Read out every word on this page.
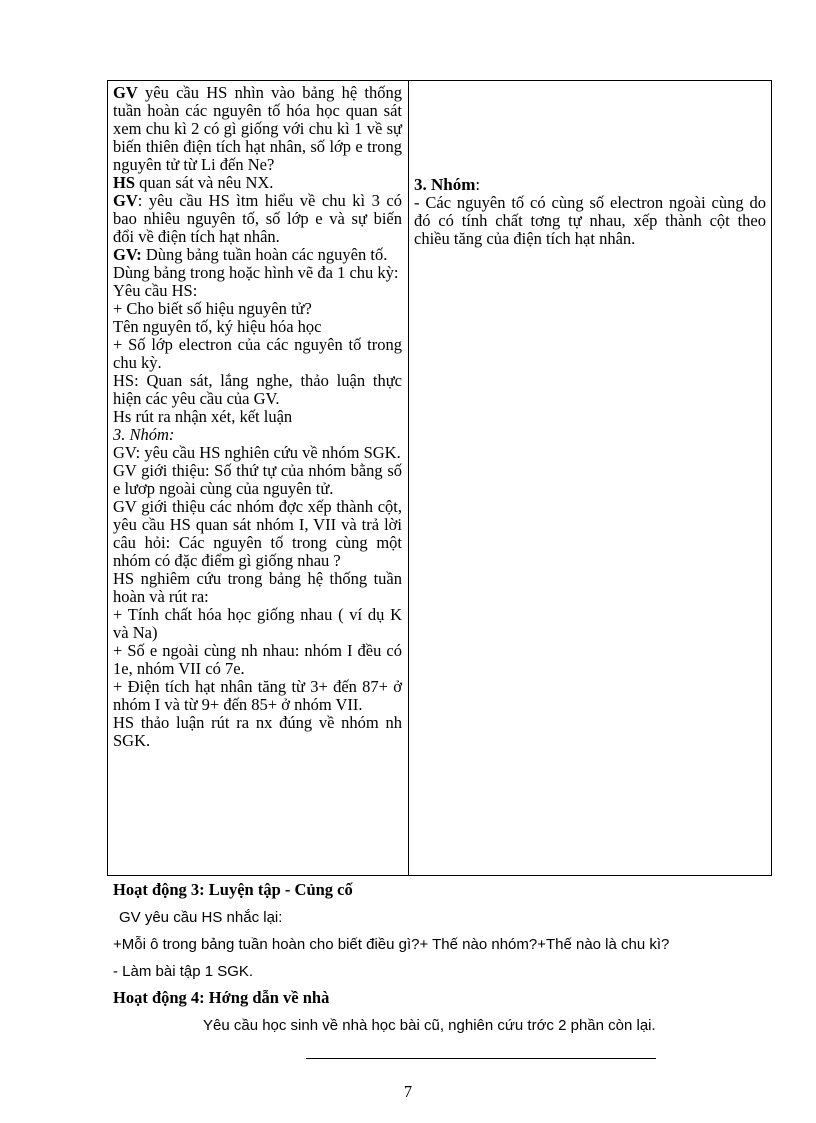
GV yêu cầu HS nhìn vào bảng hệ thống tuần hoàn các nguyên tố hóa học quan sát xem chu kì 2 có gì giống với chu kì 1 về sự biến thiên điện tích hạt nhân, số lớp e trong nguyên tử từ Li đến Ne?

HS quan sát và nêu NX.

GV: yêu cầu HS ìtm hiểu về chu kì 3 có bao nhiêu nguyên tố, số lớp e và sự biến đổi về điện tích hạt nhân.

GV: Dùng bảng tuần hoàn các nguyên tố.

Dùng bảng trong hoặc hình vẽ đa 1 chu kỳ:

Yêu cầu HS:

+ Cho biết số hiệu nguyên tử?

Tên nguyên tố, ký hiệu hóa học

+ Số lớp electron của các nguyên tố trong chu kỳ.

HS: Quan sát, lắng nghe, thảo luận thực hiện các yêu cầu của GV.

Hs rút ra nhận xét, kết luận

3. Nhóm:

GV: yêu cầu HS nghiên cứu về nhóm SGK.

GV giới thiệu: Số thứ tự của nhóm bằng số e lươp ngoài cùng của nguyên tử.

GV giới thiệu các nhóm đợc xếp thành cột, yêu cầu HS quan sát nhóm I, VII và trả lời câu hỏi: Các nguyên tố trong cùng một nhóm có đặc điểm gì giống nhau ?

HS nghiêm cứu trong bảng hệ thống tuần hoàn và rút ra:

+ Tính chất hóa học giống nhau ( ví dụ K và Na)

+ Số e ngoài cùng nh nhau: nhóm I đều có 1e, nhóm VII có 7e.

+ Điện tích hạt nhân tăng từ 3+ đến 87+ ở nhóm I và từ 9+ đến 85+ ở nhóm VII.

HS thảo luận rút ra nx đúng về nhóm nh SGK.

3. Nhóm:

- Các nguyên tố có cùng số electron ngoài cùng do đó có tính chất tơng tự nhau, xếp thành cột theo chiều tăng của điện tích hạt nhân.

Hoạt động 3: Luyện tập - Củng cố
GV yêu cầu HS nhắc lại:
+Mỗi ô trong bảng tuần hoàn cho biết điều gì?+ Thế nào nhóm?+Thế nào là chu kì?
- Làm bài tập 1 SGK.
Hoạt động 4: Hớng dẫn về nhà
Yêu cầu học sinh về nhà học bài cũ, nghiên cứu trớc 2 phần còn lại.
7
